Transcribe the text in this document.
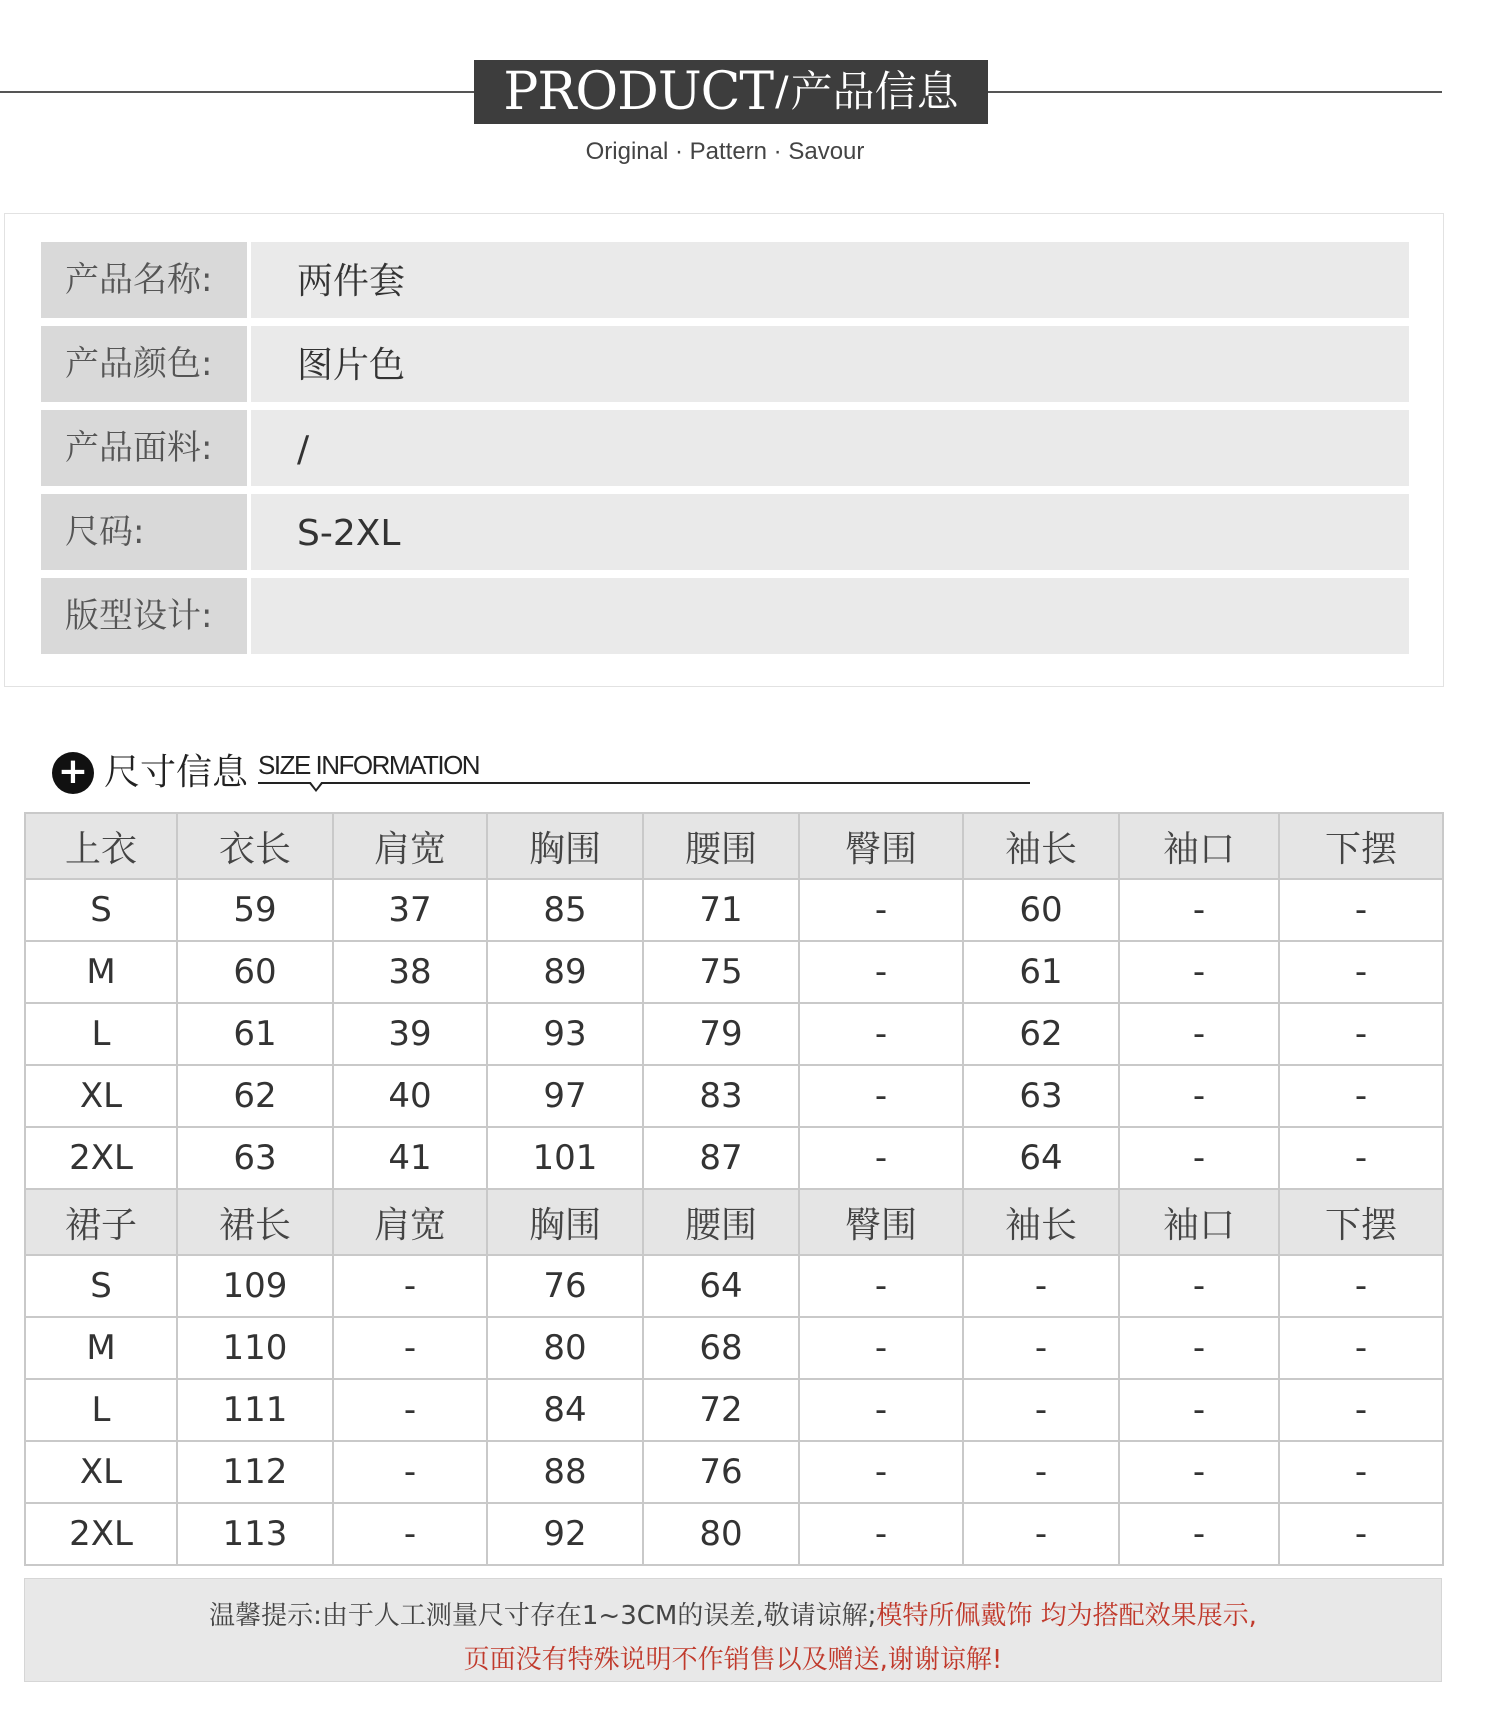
PRODUCT / 产品信息
Original · Pattern · Savour
产品名称:	两件套
产品颜色:	图片色
产品面料:	/
尺码:	S-2XL
版型设计:
+ 尺寸信息 SIZE INFORMATION
上衣	衣长	肩宽	胸围	腰围	臀围	袖长	袖口	下摆
S	59	37	85	71	-	60	-	-
M	60	38	89	75	-	61	-	-
L	61	39	93	79	-	62	-	-
XL	62	40	97	83	-	63	-	-
2XL	63	41	101	87	-	64	-	-
裙子	裙长	肩宽	胸围	腰围	臀围	袖长	袖口	下摆
S	109	-	76	64	-	-	-	-
M	110	-	80	68	-	-	-	-
L	111	-	84	72	-	-	-	-
XL	112	-	88	76	-	-	-	-
2XL	113	-	92	80	-	-	-	-
温馨提示:由于人工测量尺寸存在1~3CM的误差,敬请谅解;模特所佩戴饰 均为搭配效果展示,
页面没有特殊说明不作销售以及赠送,谢谢谅解!
